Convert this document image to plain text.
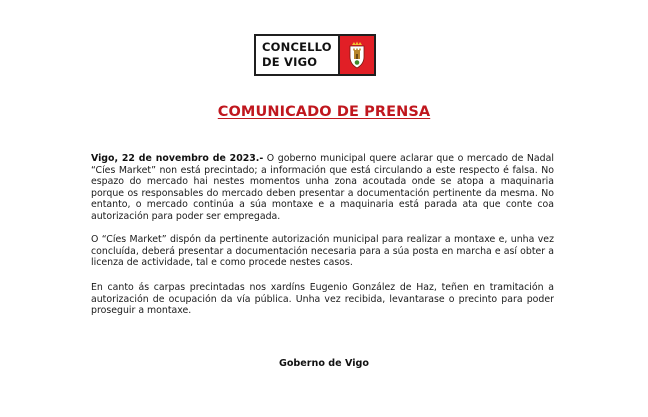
CONCELLO
DE VIGO
COMUNICADO DE PRENSA

Vigo, 22 de novembro de 2023.- O goberno municipal quere aclarar que o mercado de Nadal “Cíes Market” non está precintado; a información que está circulando a este respecto é falsa. No espazo do mercado hai nestes momentos unha zona acoutada onde se atopa a maquinaria porque os responsables do mercado deben presentar a documentación pertinente da mesma. No entanto, o mercado continúa a súa montaxe e a maquinaria está parada ata que conte coa autorización para poder ser empregada.

O “Cíes Market” dispón da pertinente autorización municipal para realizar a montaxe e, unha vez concluída, deberá presentar a documentación necesaria para a súa posta en marcha e así obter a licenza de actividade, tal e como procede nestes casos.

En canto ás carpas precintadas nos xardíns Eugenio González de Haz, teñen en tramitación a autorización de ocupación da vía pública. Unha vez recibida, levantarase o precinto para poder proseguir a montaxe.

Goberno de Vigo
